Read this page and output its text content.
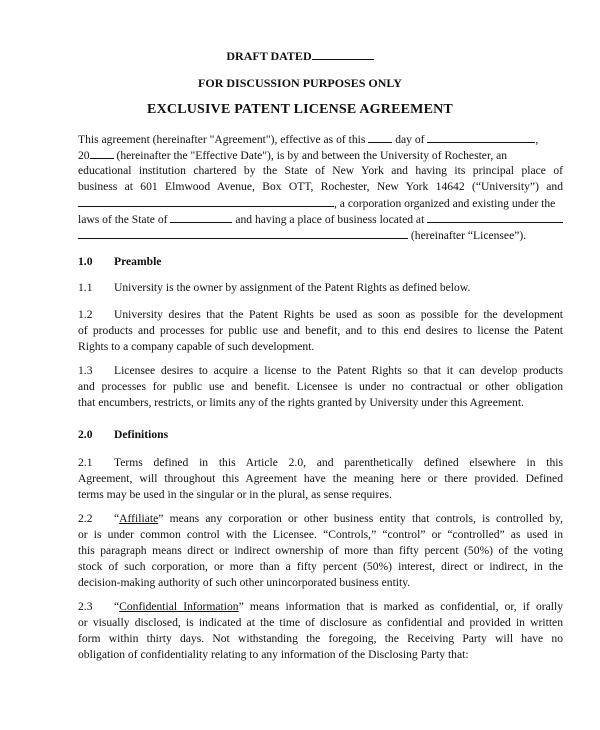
DRAFT DATED
FOR DISCUSSION PURPOSES ONLY
EXCLUSIVE PATENT LICENSE AGREEMENT
This agreement (hereinafter "Agreement"), effective as of this	day of	,
20 (hereinafter the "Effective Date"), is by and between the University of Rochester, an
educational institution chartered by the State of New York and having its principal place of
business at 601 Elmwood Avenue, Box OTT, Rochester, New York 14642 (“University”) and
, a corporation organized and existing under the
laws of the State of	and having a place of business located at
(hereinafter “Licensee”).
1.0 Preamble
1.1 University is the owner by assignment of the Patent Rights as defined below.
1.2 University desires that the Patent Rights be used as soon as possible for the development
of products and processes for public use and benefit, and to this end desires to license the Patent
Rights to a company capable of such development.
1.3 Licensee desires to acquire a license to the Patent Rights so that it can develop products
and processes for public use and benefit. Licensee is under no contractual or other obligation
that encumbers, restricts, or limits any of the rights granted by University under this Agreement.
2.0 Definitions
2.1 Terms defined in this Article 2.0, and parenthetically defined elsewhere in this
Agreement, will throughout this Agreement have the meaning here or there provided. Defined
terms may be used in the singular or in the plural, as sense requires.
2.2 “Affiliate” means any corporation or other business entity that controls, is controlled by,
or is under common control with the Licensee. “Controls,” “control” or “controlled” as used in
this paragraph means direct or indirect ownership of more than fifty percent (50%) of the voting
stock of such corporation, or more than a fifty percent (50%) interest, direct or indirect, in the
decision-making authority of such other unincorporated business entity.
2.3 “Confidential Information” means information that is marked as confidential, or, if orally
or visually disclosed, is indicated at the time of disclosure as confidential and provided in written
form within thirty days. Not withstanding the foregoing, the Receiving Party will have no
obligation of confidentiality relating to any information of the Disclosing Party that:
